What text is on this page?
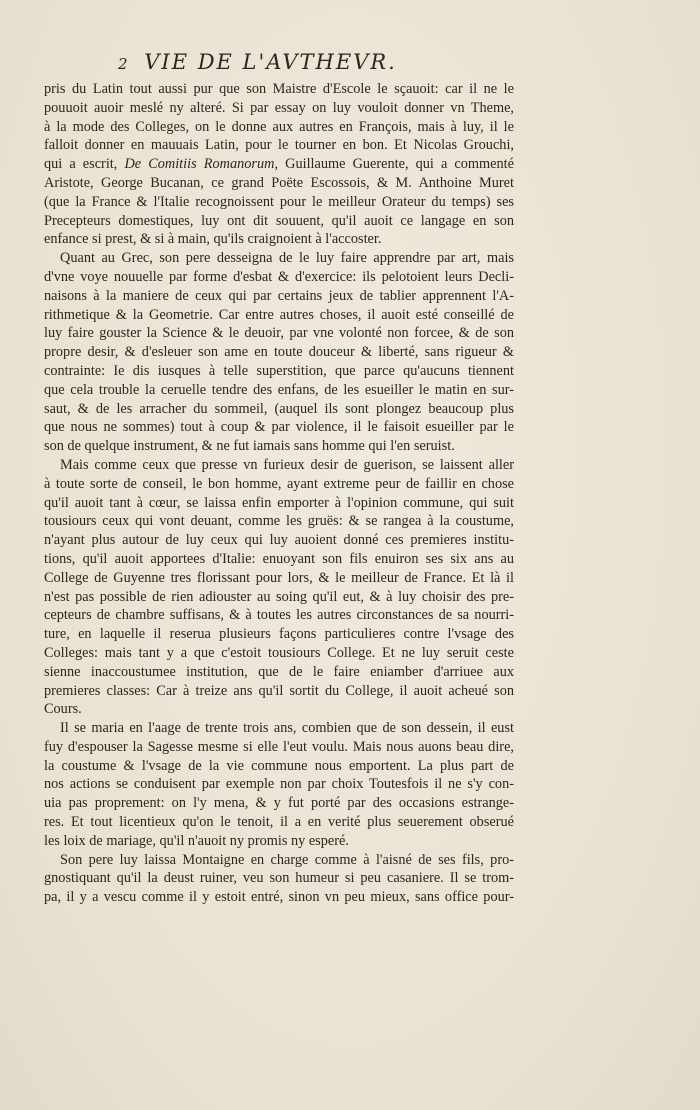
2 VIE DE L'AVTHEVR.
pris du Latin tout aussi pur que son Maistre d'Escole le sçauoit: car il ne le
pouuoit auoir meslé ny alteré. Si par essay on luy vouloit donner vn Theme,
à la mode des Colleges, on le donne aux autres en François, mais à luy, il le
falloit donner en mauuais Latin, pour le tourner en bon. Et Nicolas Grouchi,
qui a escrit, De Comitiis Romanorum, Guillaume Guerente, qui a commenté
Aristote, George Bucanan, ce grand Poëte Escossois, & M. Anthoine Muret
(que la France & l'Italie recognoissent pour le meilleur Orateur du temps) ses
Precepteurs domestiques, luy ont dit souuent, qu'il auoit ce langage en son
enfance si prest, & si à main, qu'ils craignoient à l'accoster.
Quant au Grec, son pere desseigna de le luy faire apprendre par art, mais
d'vne voye nouuelle par forme d'esbat & d'exercice: ils pelotoient leurs Decli-
naisons à la maniere de ceux qui par certains jeux de tablier apprennent l'A-
rithmetique & la Geometrie. Car entre autres choses, il auoit esté conseillé de
luy faire gouster la Science & le deuoir, par vne volonté non forcee, & de son
propre desir, & d'esleuer son ame en toute douceur & liberté, sans rigueur &
contrainte: Ie dis iusques à telle superstition, que parce qu'aucuns tiennent
que cela trouble la ceruelle tendre des enfans, de les esueiller le matin en sur-
saut, & de les arracher du sommeil, (auquel ils sont plongez beaucoup plus
que nous ne sommes) tout à coup & par violence, il le faisoit esueiller par le
son de quelque instrument, & ne fut iamais sans homme qui l'en seruist.
Mais comme ceux que presse vn furieux desir de guerison, se laissent aller
à toute sorte de conseil, le bon homme, ayant extreme peur de faillir en chose
qu'il auoit tant à cœur, se laissa enfin emporter à l'opinion commune, qui suit
tousiours ceux qui vont deuant, comme les gruës: & se rangea à la coustume,
n'ayant plus autour de luy ceux qui luy auoient donné ces premieres institu-
tions, qu'il auoit apportees d'Italie: enuoyant son fils enuiron ses six ans au
College de Guyenne tres florissant pour lors, & le meilleur de France. Et là il
n'est pas possible de rien adiouster au soing qu'il eut, & à luy choisir des pre-
cepteurs de chambre suffisans, & à toutes les autres circonstances de sa nourri-
ture, en laquelle il reserua plusieurs façons particulieres contre l'vsage des
Colleges: mais tant y a que c'estoit tousiours College. Et ne luy seruit ceste
sienne inaccoustumee institution, que de le faire eniamber d'arriuee aux
premieres classes: Car à treize ans qu'il sortit du College, il auoit acheué son
Cours.
Il se maria en l'aage de trente trois ans, combien que de son dessein, il eust
fuy d'espouser la Sagesse mesme si elle l'eut voulu. Mais nous auons beau dire,
la coustume & l'vsage de la vie commune nous emportent. La plus part de
nos actions se conduisent par exemple non par choix Toutesfois il ne s'y con-
uia pas proprement: on l'y mena, & y fut porté par des occasions estrange-
res. Et tout licentieux qu'on le tenoit, il a en verité plus seuerement obserué
les loix de mariage, qu'il n'auoit ny promis ny esperé.
Son pere luy laissa Montaigne en charge comme à l'aisné de ses fils, pro-
gnostiquant qu'il la deust ruiner, veu son humeur si peu casaniere. Il se trom-
pa, il y a vescu comme il y estoit entré, sinon vn peu mieux, sans office pour-
